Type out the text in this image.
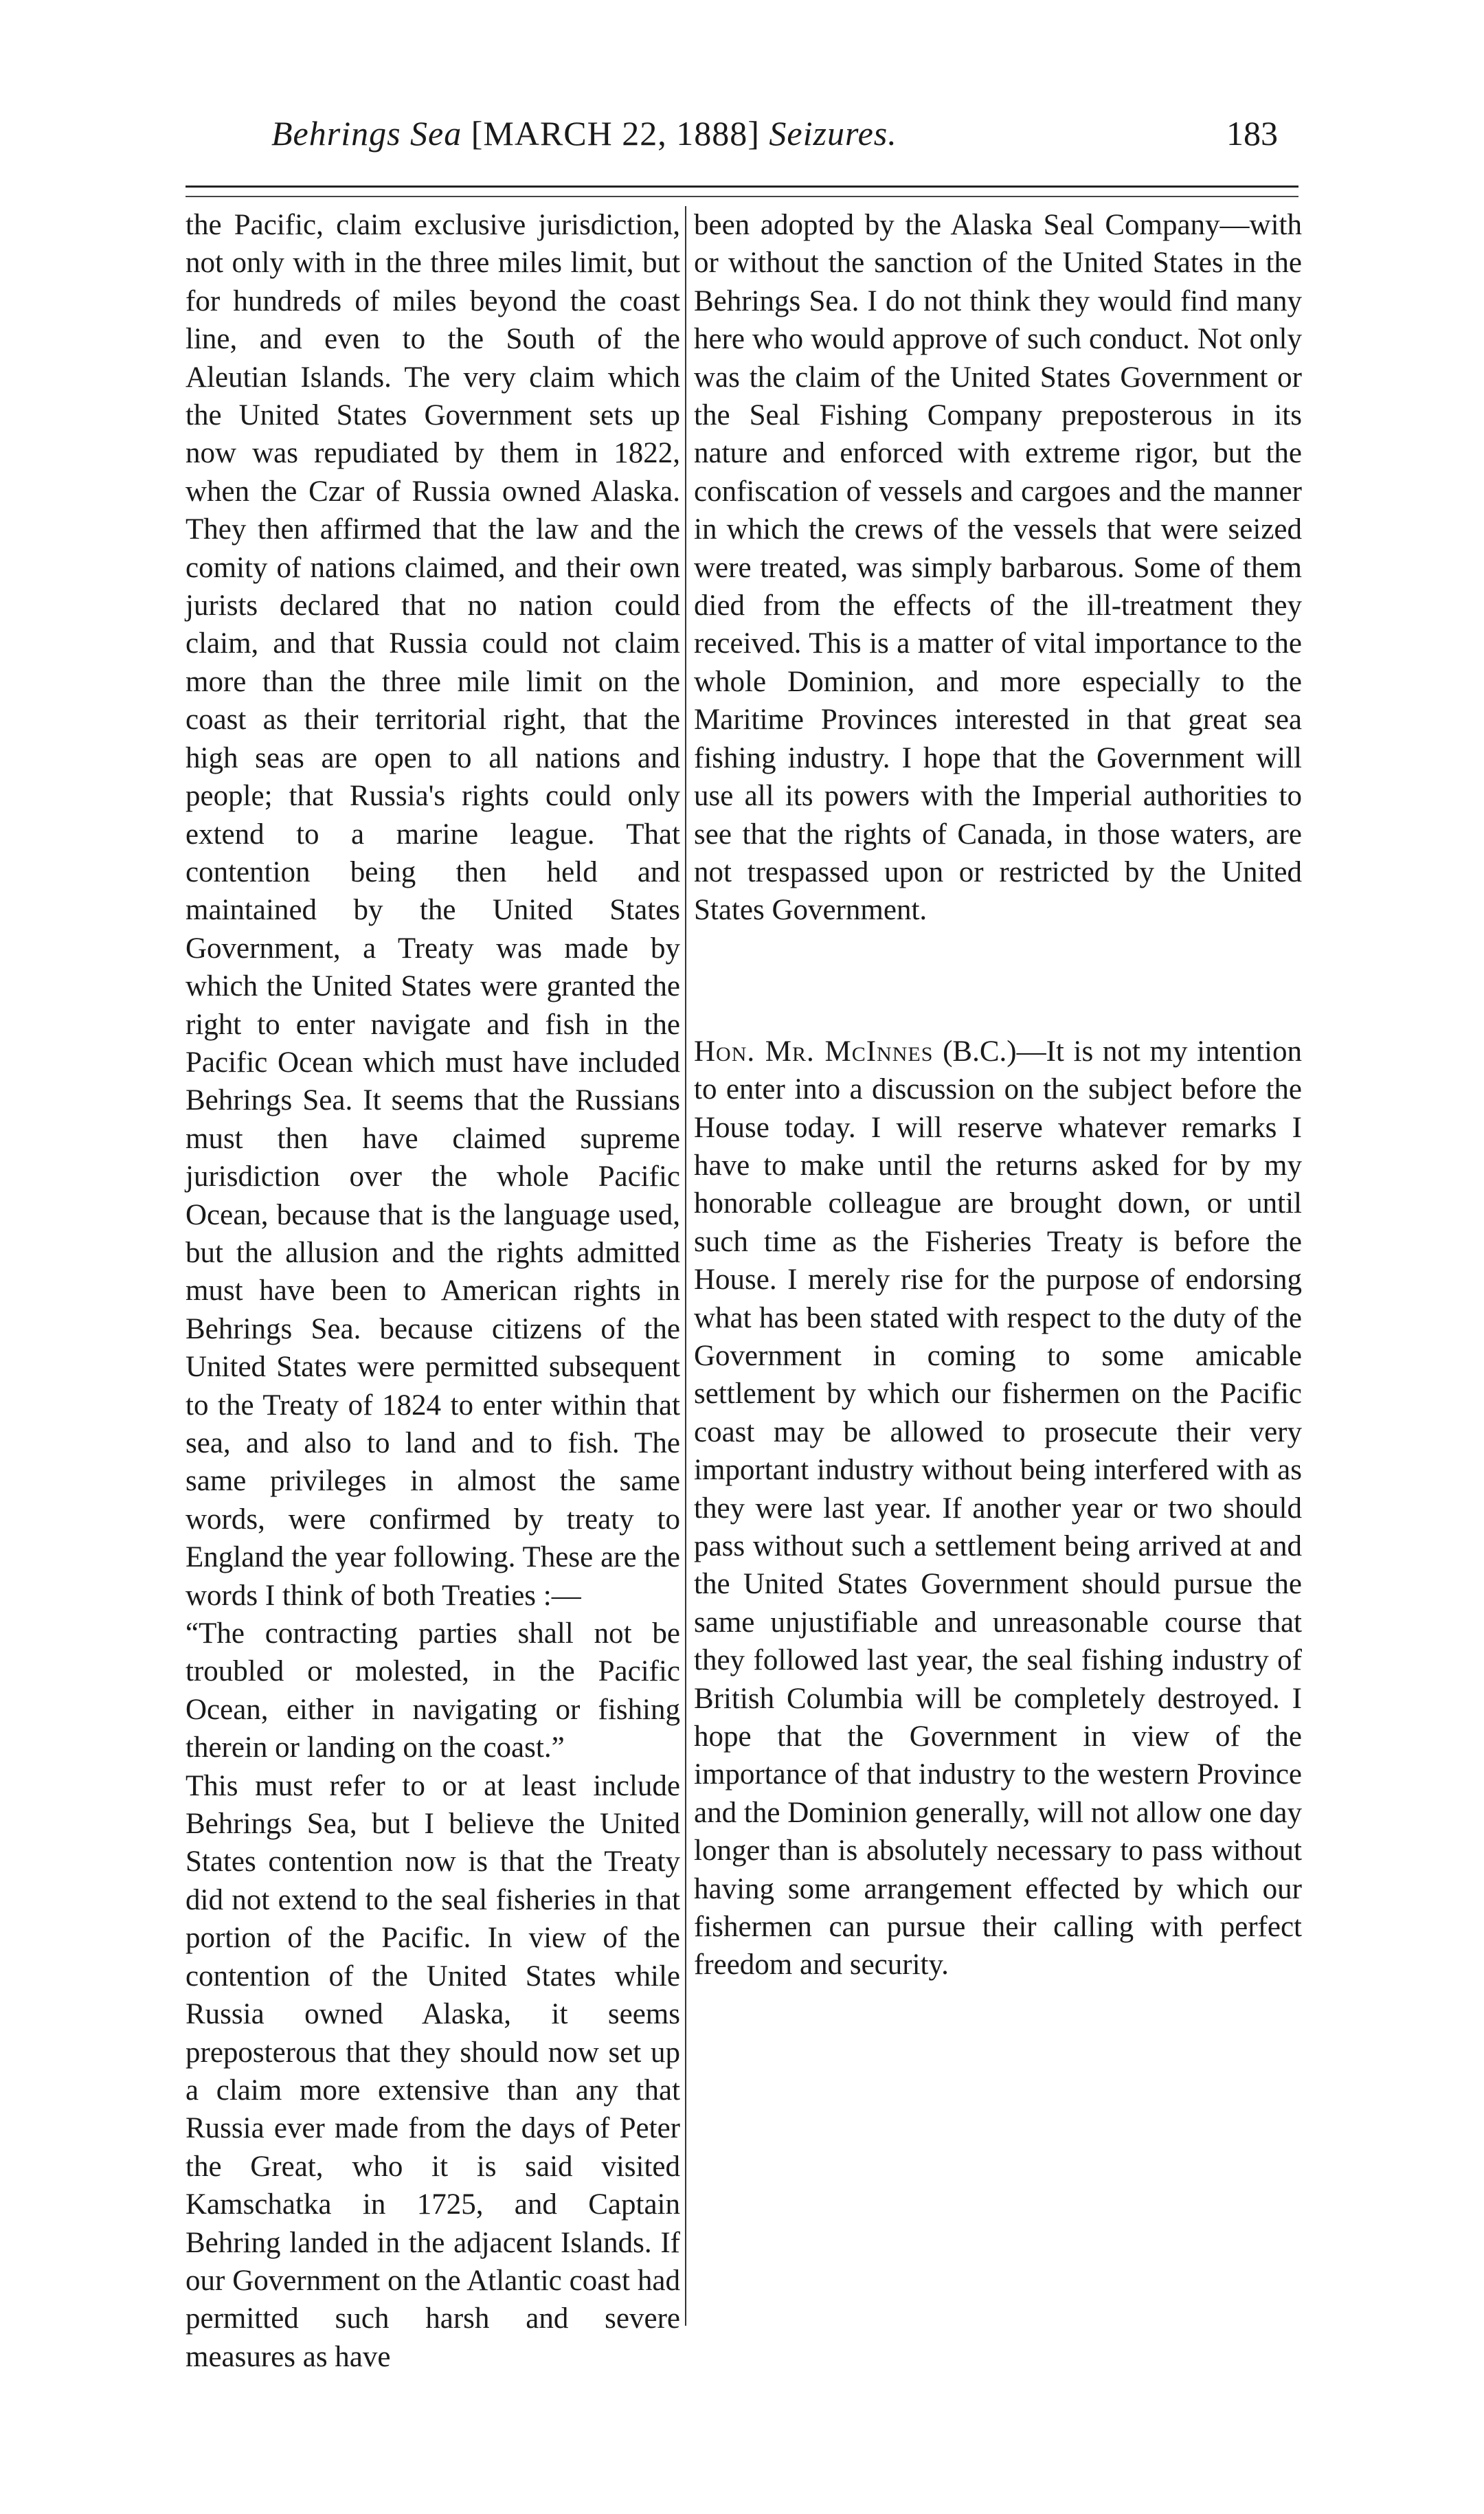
Behrings Sea [MARCH 22, 1888] Seizures.	183

the Pacific, claim exclusive jurisdiction, not only with in the three miles limit, but for hundreds of miles beyond the coast line, and even to the South of the Aleutian Islands. The very claim which the United States Government sets up now was repudiated by them in 1822, when the Czar of Russia owned Alaska. They then affirmed that the law and the comity of nations claimed, and their own jurists declared that no nation could claim, and that Russia could not claim more than the three mile limit on the coast as their territorial right, that the high seas are open to all nations and people; that Russia's rights could only extend to a marine league. That contention being then held and maintained by the United States Government, a Treaty was made by which the United States were granted the right to enter navigate and fish in the Pacific Ocean which must have included Behrings Sea. It seems that the Russians must then have claimed supreme jurisdiction over the whole Pacific Ocean, because that is the language used, but the allusion and the rights admitted must have been to American rights in Behrings Sea. because citizens of the United States were permitted subsequent to the Treaty of 1824 to enter within that sea, and also to land and to fish. The same privileges in almost the same words, were confirmed by treaty to England the year following. These are the words I think of both Treaties :—

“The contracting parties shall not be troubled or molested, in the Pacific Ocean, either in navigating or fishing therein or landing on the coast.”

This must refer to or at least include Behrings Sea, but I believe the United States contention now is that the Treaty did not extend to the seal fisheries in that portion of the Pacific. In view of the contention of the United States while Russia owned Alaska, it seems preposterous that they should now set up a claim more extensive than any that Russia ever made from the days of Peter the Great, who it is said visited Kamschatka in 1725, and Captain Behring landed in the adjacent Islands. If our Government on the Atlantic coast had permitted such harsh and severe measures as have

been adopted by the Alaska Seal Company—with or without the sanction of the United States in the Behrings Sea. I do not think they would find many here who would approve of such conduct. Not only was the claim of the United States Government or the Seal Fishing Company preposterous in its nature and enforced with extreme rigor, but the confiscation of vessels and cargoes and the manner in which the crews of the vessels that were seized were treated, was simply barbarous. Some of them died from the effects of the ill-treatment they received. This is a matter of vital importance to the whole Dominion, and more especially to the Maritime Provinces interested in that great sea fishing industry. I hope that the Government will use all its powers with the Imperial authorities to see that the rights of Canada, in those waters, are not trespassed upon or restricted by the United States Government.

Hon. Mr. McInnes (B.C.)—It is not my intention to enter into a discussion on the subject before the House today. I will reserve whatever remarks I have to make until the returns asked for by my honorable colleague are brought down, or until such time as the Fisheries Treaty is before the House. I merely rise for the purpose of endorsing what has been stated with respect to the duty of the Government in coming to some amicable settlement by which our fishermen on the Pacific coast may be allowed to prosecute their very important industry without being interfered with as they were last year. If another year or two should pass without such a settlement being arrived at and the United States Government should pursue the same unjustifiable and unreasonable course that they followed last year, the seal fishing industry of British Columbia will be completely destroyed. I hope that the Government in view of the importance of that industry to the western Province and the Dominion generally, will not allow one day longer than is absolutely necessary to pass without having some arrangement effected by which our fishermen can pursue their calling with perfect freedom and security.
